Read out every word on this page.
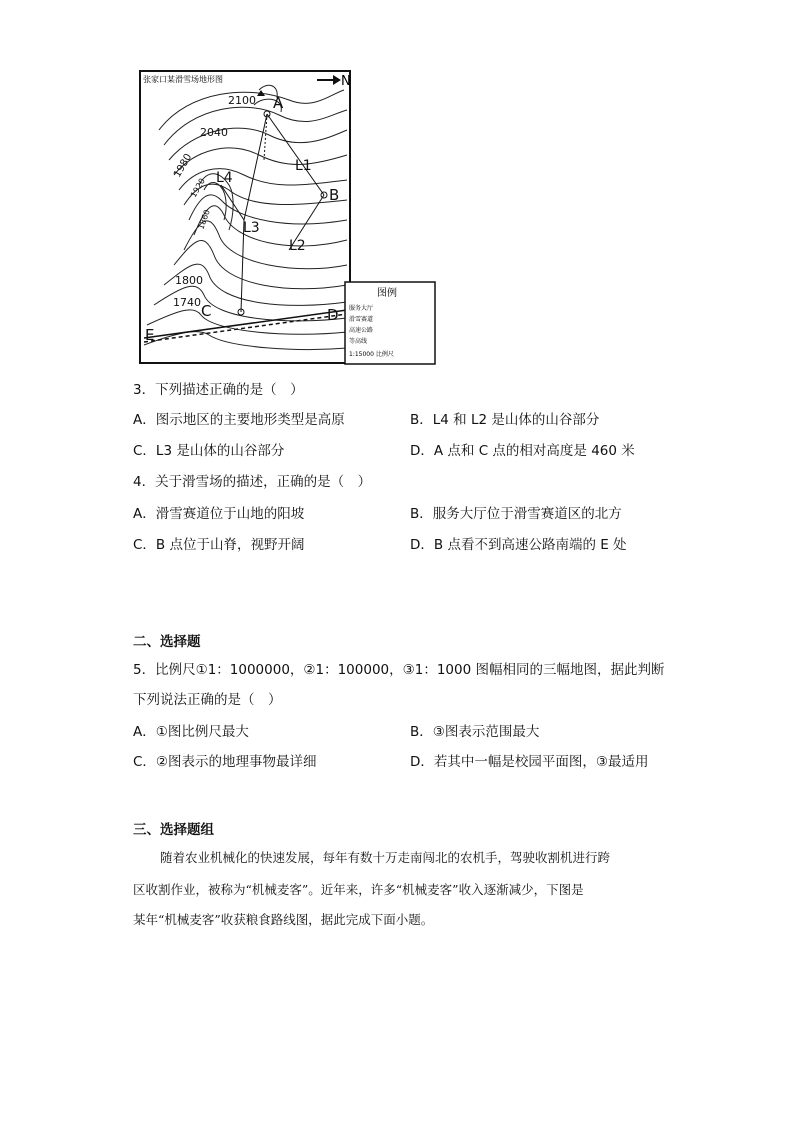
张家口某滑雪场地形图	N
A
B
C	D
E
L1
L2
L3
L4
2100
2040
1980
1920
1860
1800
1740
图例
服务大厅
滑雪赛道
高速公路
等高线
1:15000 比例尺
3．下列描述正确的是（　）
A．图示地区的主要地形类型是高原	B．L4 和 L2 是山体的山谷部分
C．L3 是山体的山谷部分	D．A 点和 C 点的相对高度是 460 米
4．关于滑雪场的描述，正确的是（　）
A．滑雪赛道位于山地的阳坡	B．服务大厅位于滑雪赛道区的北方
C．B 点位于山脊，视野开阔	D．B 点看不到高速公路南端的 E 处
二、选择题
5．比例尺①1：1000000，②1：100000，③1：1000 图幅相同的三幅地图，据此判断
下列说法正确的是（　）
A．①图比例尺最大	B．③图表示范围最大
C．②图表示的地理事物最详细	D．若其中一幅是校园平面图，③最适用
三、选择题组
随着农业机械化的快速发展，每年有数十万走南闯北的农机手，驾驶收割机进行跨
区收割作业，被称为“机械麦客”。近年来，许多“机械麦客”收入逐渐减少，下图是
某年“机械麦客”收获粮食路线图，据此完成下面小题。
